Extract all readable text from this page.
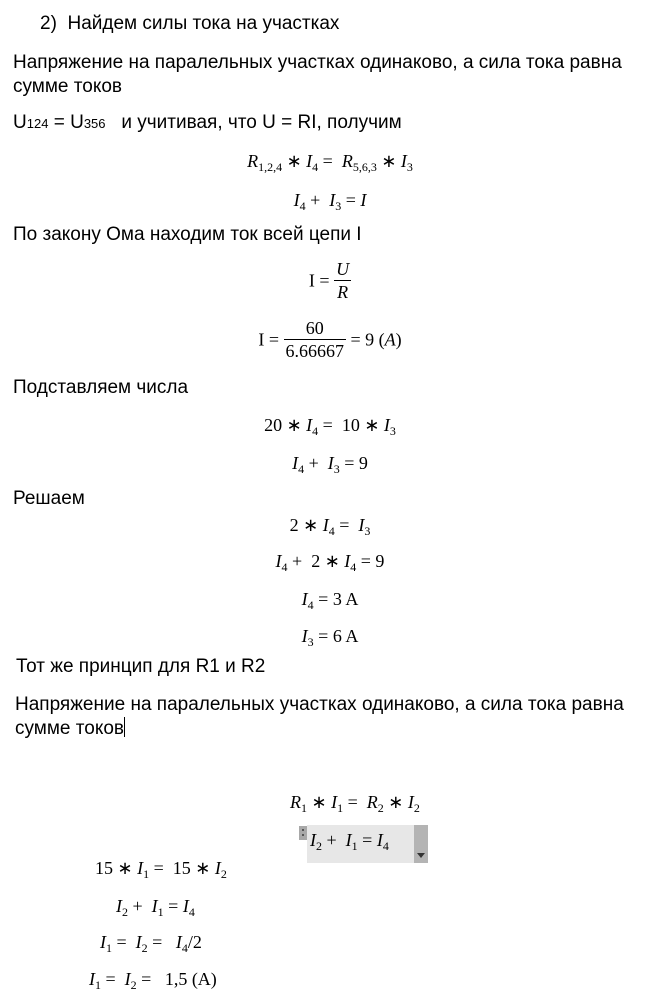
2) Найдем силы тока на участках
Напряжение на паралельных участках одинаково, а сила тока равна
сумме токов
U124 = U356 и учитивая, что U = RI, получим
$R_{1,2,4}$ ∗ $I_4 = R_{5,6,3}$ ∗ $I_3$
$I_4 + I_3 = I$
По закону Ома находим ток всей цепи I
$I = \frac{U}{R}$
$I = \frac{60}{6.66667} = 9$ (A)
Подставляем числа
20 ∗ $I_4 = 10$ ∗ $I_3$
$I_4 + I_3 = 9$
Решаем
2 ∗ $I_4 = I_3$
$I_4 + 2$ ∗ $I_4 = 9$
$I_4 = 3$ A
$I_3 = 6$ A
Тот же принцип для R1 и R2
Напряжение на паралельных участках одинаково, а сила тока равна
сумме токов
$R_1$ ∗ $I_1 = R_2$ ∗ $I_2$
$I_2 + I_1 = I_4$
15 ∗ $I_1 = 15$ ∗ $I_2$
$I_2 + I_1 = I_4$
$I_1 = I_2 = I_4/2$
$I_1 = I_2 = 1,5$ (A)
